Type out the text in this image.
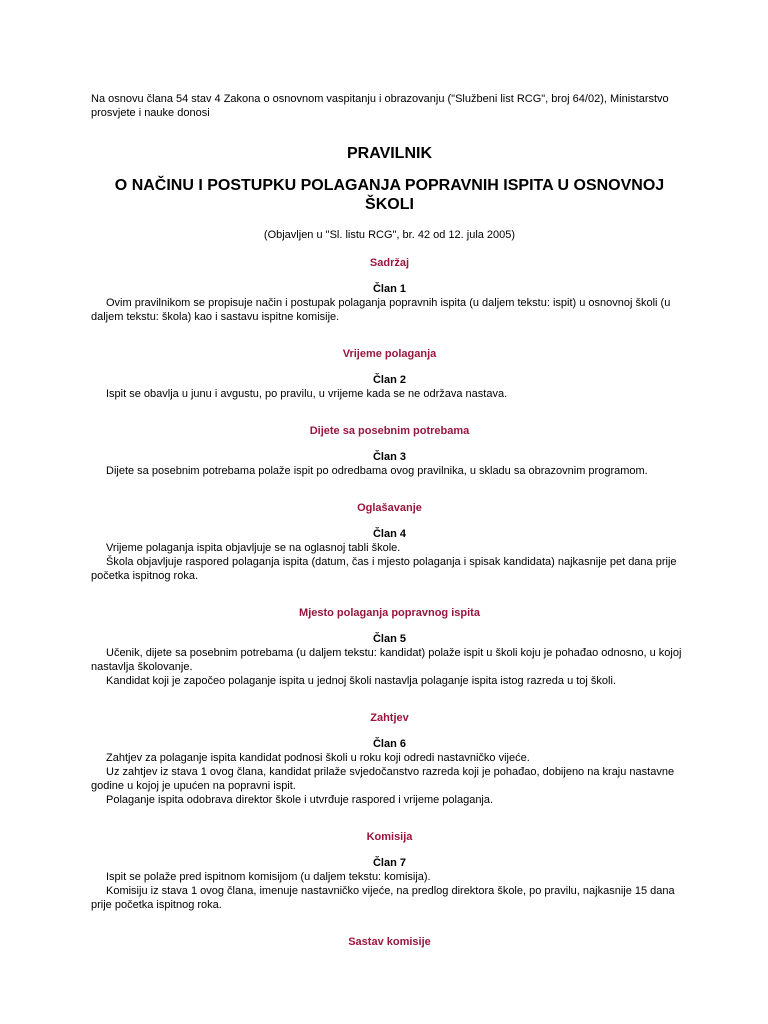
Na osnovu člana 54 stav 4 Zakona o osnovnom vaspitanju i obrazovanju ("Službeni list RCG", broj 64/02), Ministarstvo prosvjete i nauke donosi

PRAVILNIK
O NAČINU I POSTUPKU POLAGANJA POPRAVNIH ISPITA U OSNOVNOJ ŠKOLI

(Objavljen u "Sl. listu RCG", br. 42 od 12. jula 2005)

Sadržaj
Član 1

Ovim pravilnikom se propisuje način i postupak polaganja popravnih ispita (u daljem tekstu: ispit) u osnovnoj školi (u daljem tekstu: škola) kao i sastavu ispitne komisije.

Vrijeme polaganja
Član 2

Ispit se obavlja u junu i avgustu, po pravilu, u vrijeme kada se ne održava nastava.

Dijete sa posebnim potrebama
Član 3

Dijete sa posebnim potrebama polaže ispit po odredbama ovog pravilnika, u skladu sa obrazovnim programom.

Oglašavanje
Član 4

Vrijeme polaganja ispita objavljuje se na oglasnoj tabli škole.

Škola objavljuje raspored polaganja ispita (datum, čas i mjesto polaganja i spisak kandidata) najkasnije pet dana prije početka ispitnog roka.

Mjesto polaganja popravnog ispita
Član 5

Učenik, dijete sa posebnim potrebama (u daljem tekstu: kandidat) polaže ispit u školi koju je pohađao odnosno, u kojoj nastavlja školovanje.

Kandidat koji je započeo polaganje ispita u jednoj školi nastavlja polaganje ispita istog razreda u toj školi.

Zahtjev
Član 6

Zahtjev za polaganje ispita kandidat podnosi školi u roku koji odredi nastavničko vijeće.

Uz zahtjev iz stava 1 ovog člana, kandidat prilaže svjedočanstvo razreda koji je pohađao, dobijeno na kraju nastavne godine u kojoj je upućen na popravni ispit.

Polaganje ispita odobrava direktor škole i utvrđuje raspored i vrijeme polaganja.

Komisija
Član 7

Ispit se polaže pred ispitnom komisijom (u daljem tekstu: komisija).

Komisiju iz stava 1 ovog člana, imenuje nastavničko vijeće, na predlog direktora škole, po pravilu, najkasnije 15 dana prije početka ispitnog roka.

Sastav komisije
